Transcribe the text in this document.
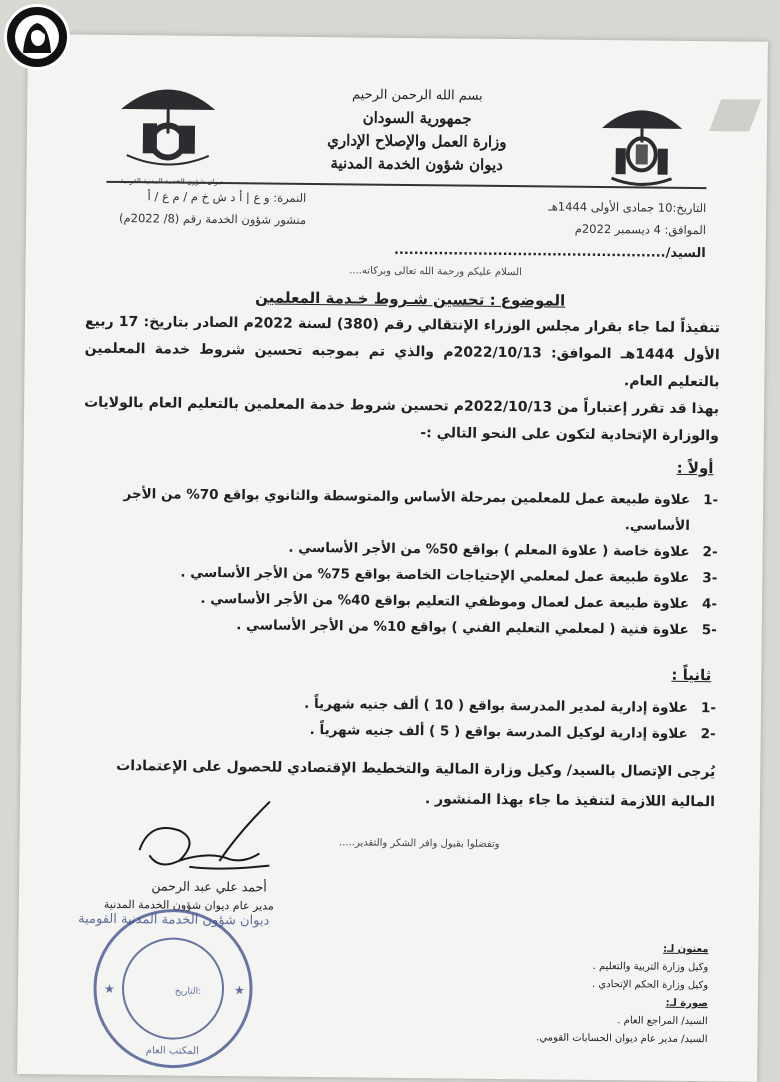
بسم الله الرحمن الرحيم
جمهورية السودان
وزارة العمل والإصلاح الإداري
ديوان شؤون الخدمة المدنية
النمرة: و ع | أ د ش خ م / م ع / أ
منشور شؤون الخدمة رقم (8/ 2022م)
التاريخ:10 جمادى الأولى 1444هـ
الموافق: 4 ديسمبر 2022م
السيد/.......................................................
السلام عليكم ورحمة الله تعالى وبركاته....
الموضوع : تحسين شـروط خـدمة المعلمين
تنفيذاً لما جاء بقرار مجلس الوزراء الإنتقالي رقم (380) لسنة 2022م الصادر بتاريخ: 17 ربيع الأول 1444هـ الموافق: 2022/10/13م والذي تم بموجبه تحسين شروط خدمة المعلمين بالتعليم العام.
بهذا قد تقرر إعتباراً من 2022/10/13م تحسين شروط خدمة المعلمين بالتعليم العام بالولايات والوزارة الإتحادية لتكون على النحو التالي :-
أولاً :
-1
علاوة طبيعة عمل للمعلمين بمرحلة الأساس والمتوسطة والثانوي بواقع 70% من الأجر الأساسي.
-2
علاوة خاصة ( علاوة المعلم ) بواقع 50% من الأجر الأساسي .
-3
علاوة طبيعة عمل لمعلمي الإحتياجات الخاصة بواقع 75% من الأجر الأساسي .
-4
علاوة طبيعة عمل لعمال وموظفي التعليم بواقع 40% من الأجر الأساسي .
-5
علاوة فنية ( لمعلمي التعليم الفني ) بواقع 10% من الأجر الأساسي .
ثانياً :
-1
علاوة إدارية لمدير المدرسة بواقع ( 10 ) ألف جنيه شهرياً .
-2
علاوة إدارية لوكيل المدرسة بواقع ( 5 ) ألف جنيه شهرياً .
يُرجى الإتصال بالسيد/ وكيل وزارة المالية والتخطيط الإقتصادي للحصول على الإعتمادات المالية اللازمة لتنفيذ ما جاء بهذا المنشور .
وتفضلوا بقبول وافر الشكر والتقدير.....
أحمد علي عبد الرحمن
مدير عام ديوان شؤون الخدمة المدنية
ديوان شؤون الخدمة المدنية القومية
التاريخ:
المكتب العام
★	★
معنون لـ:
وكيل وزارة التربية والتعليم .
وكيل وزارة الحكم الإتحادي .
صورة لـ:
السيد/ المراجع العام .
السيد/ مدير عام ديوان الحسابات القومي.
